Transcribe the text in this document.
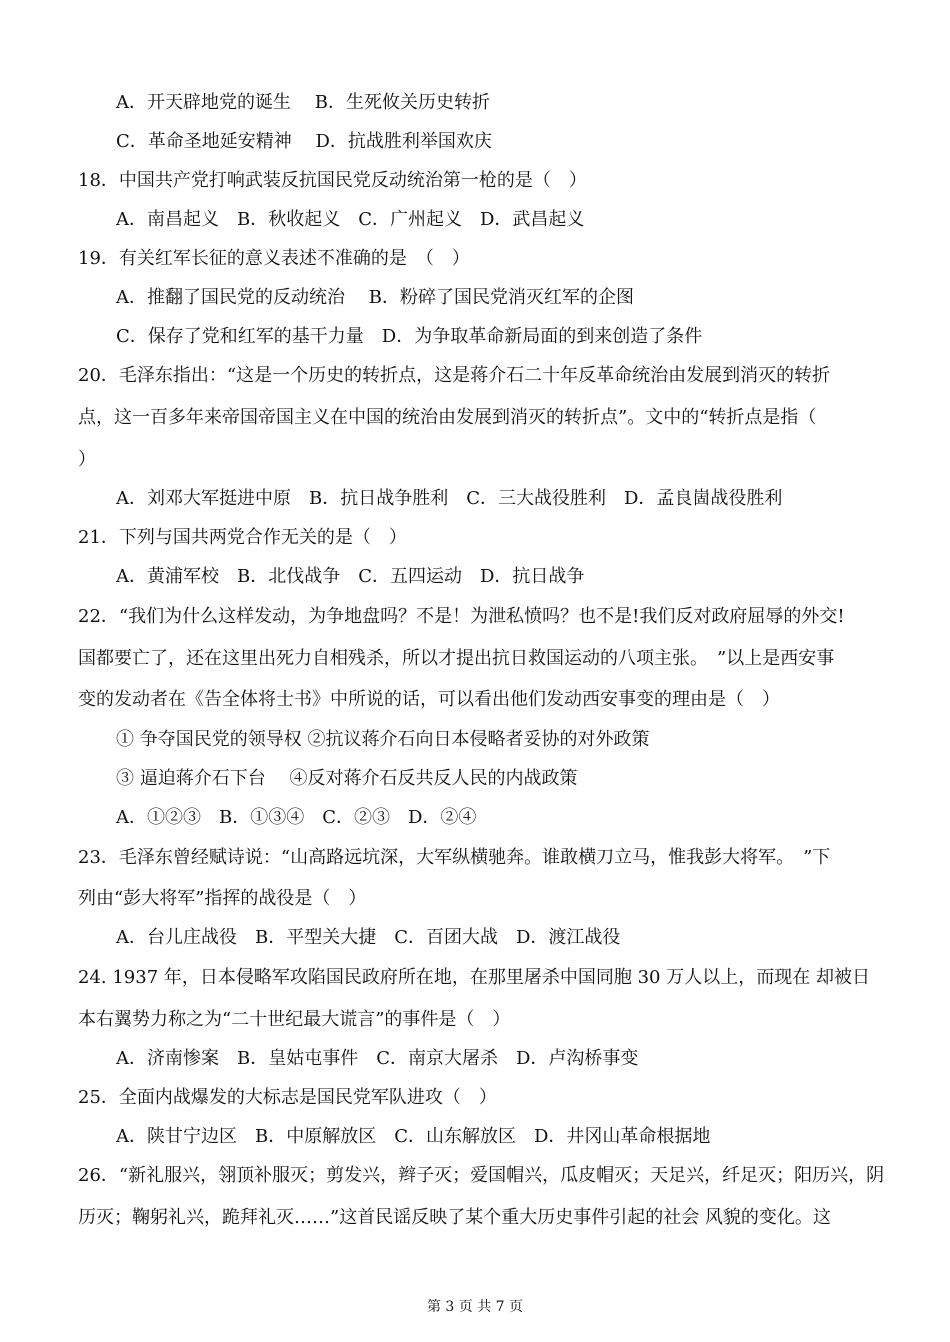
A．开天辟地党的诞生　 B．生死攸关历史转折
C．革命圣地延安精神　 D．抗战胜利举国欢庆
18．中国共产党打响武装反抗国民党反动统治第一枪的是（　）
A．南昌起义　B．秋收起义　C．广州起义　D．武昌起义
19．有关红军长征的意义表述不准确的是　（　）
A．推翻了国民党的反动统治　 B．粉碎了国民党消灭红军的企图
C．保存了党和红军的基干力量　D．为争取革命新局面的到来创造了条件
20．毛泽东指出：“这是一个历史的转折点，这是蒋介石二十年反革命统治由发展到消灭的转折
点，这一百多年来帝国帝国主义在中国的统治由发展到消灭的转折点”。文中的“转折点是指（
）
A．刘邓大军挺进中原　B．抗日战争胜利　C．三大战役胜利　D．孟良崮战役胜利
21．下列与国共两党合作无关的是（　）
A．黄浦军校　B．北伐战争　C．五四运动　D．抗日战争
22．“我们为什么这样发动，为争地盘吗？不是！为泄私愤吗？也不是!我们反对政府屈辱的外交!
国都要亡了，还在这里出死力自相残杀，所以才提出抗日救国运动的八项主张。　”以上是西安事
变的发动者在《告全体将士书》中所说的话，可以看出他们发动西安事变的理由是（　）
① 争夺国民党的领导权 ②抗议蒋介石向日本侵略者妥协的对外政策
③ 逼迫蒋介石下台　 ④反对蒋介石反共反人民的内战政策
A．①②③　B．①③④　C．②③　D．②④
23．毛泽东曾经赋诗说：“山高路远坑深，大军纵横驰奔。谁敢横刀立马，惟我彭大将军。　”下
列由“彭大将军”指挥的战役是（　）
A．台儿庄战役　B．平型关大捷　C．百团大战　D．渡江战役
24. 1937 年，日本侵略军攻陷国民政府所在地，在那里屠杀中国同胞 30 万人以上，而现在 却被日
本右翼势力称之为“二十世纪最大谎言”的事件是（　）
A．济南惨案　B．皇姑屯事件　C．南京大屠杀　D．卢沟桥事变
25．全面内战爆发的大标志是国民党军队进攻（　）
A．陕甘宁边区　B．中原解放区　C．山东解放区　D．井冈山革命根据地
26．“新礼服兴，翎顶补服灭；剪发兴，辫子灭；爱国帽兴，瓜皮帽灭；天足兴，纤足灭；阳历兴，阴
历灭；鞠躬礼兴，跪拜礼灭……”这首民谣反映了某个重大历史事件引起的社会 风貌的变化。这
第 3 页 共 7 页
